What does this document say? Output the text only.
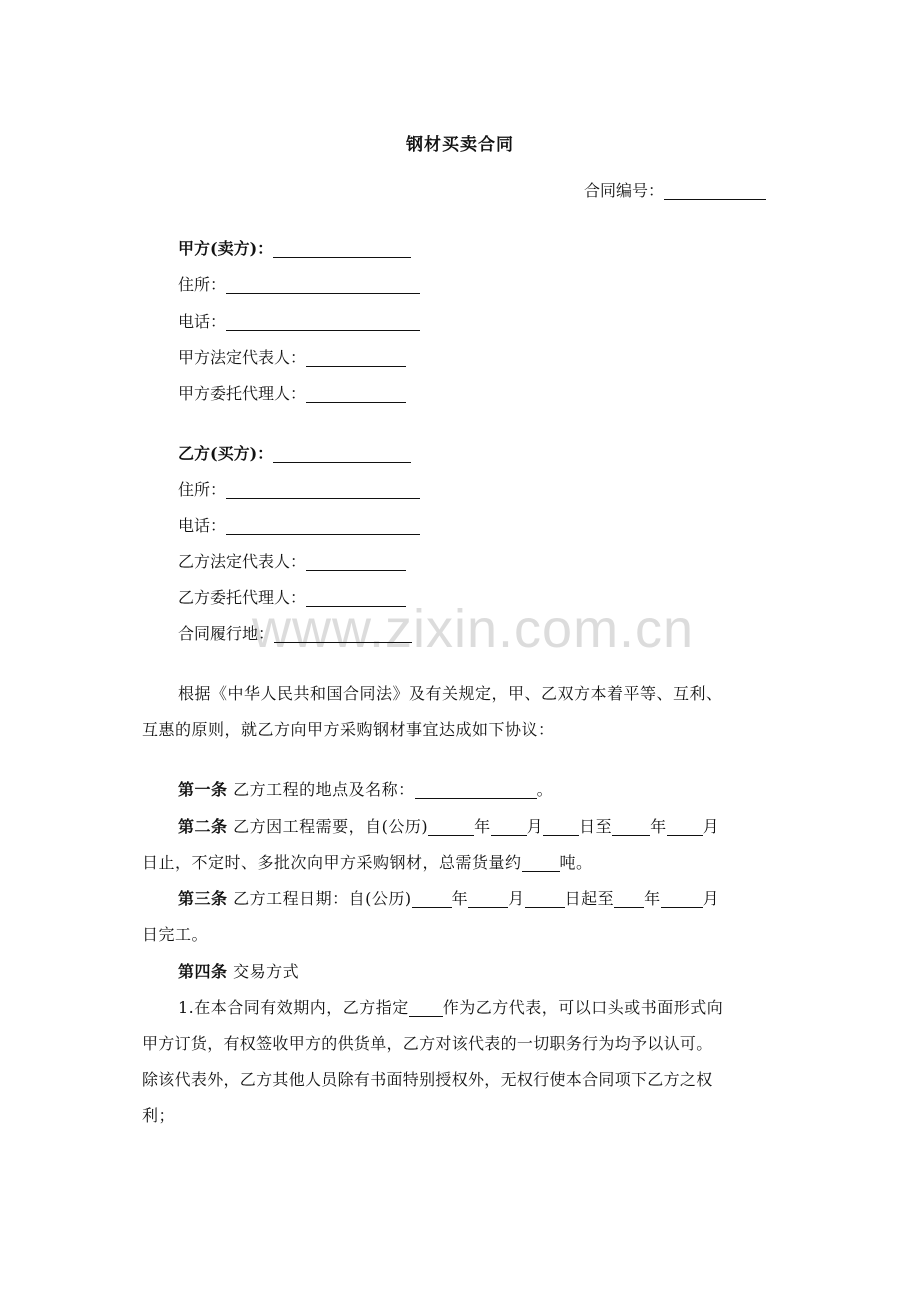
www.zixin.com.cn
钢材买卖合同
合同编号：
甲方(卖方)：
住所：
电话：
甲方法定代表人：
甲方委托代理人：
乙方(买方)：
住所：
电话：
乙方法定代表人：
乙方委托代理人：
合同履行地：
根据《中华人民共和国合同法》及有关规定，甲、乙双方本着平等、互利、
互惠的原则，就乙方向甲方采购钢材事宜达成如下协议：
第一条 乙方工程的地点及名称：	。
第二条 乙方因工程需要，自(公历)	年 月 日至 年 月
日止，不定时、多批次向甲方采购钢材，总需货量约 吨。
第三条 乙方工程日期：自(公历)	年	月	日起至 年	月
日完工。
第四条 交易方式
1.在本合同有效期内，乙方指定 作为乙方代表，可以口头或书面形式向
甲方订货，有权签收甲方的供货单，乙方对该代表的一切职务行为均予以认可。
除该代表外，乙方其他人员除有书面特别授权外，无权行使本合同项下乙方之权
利；
